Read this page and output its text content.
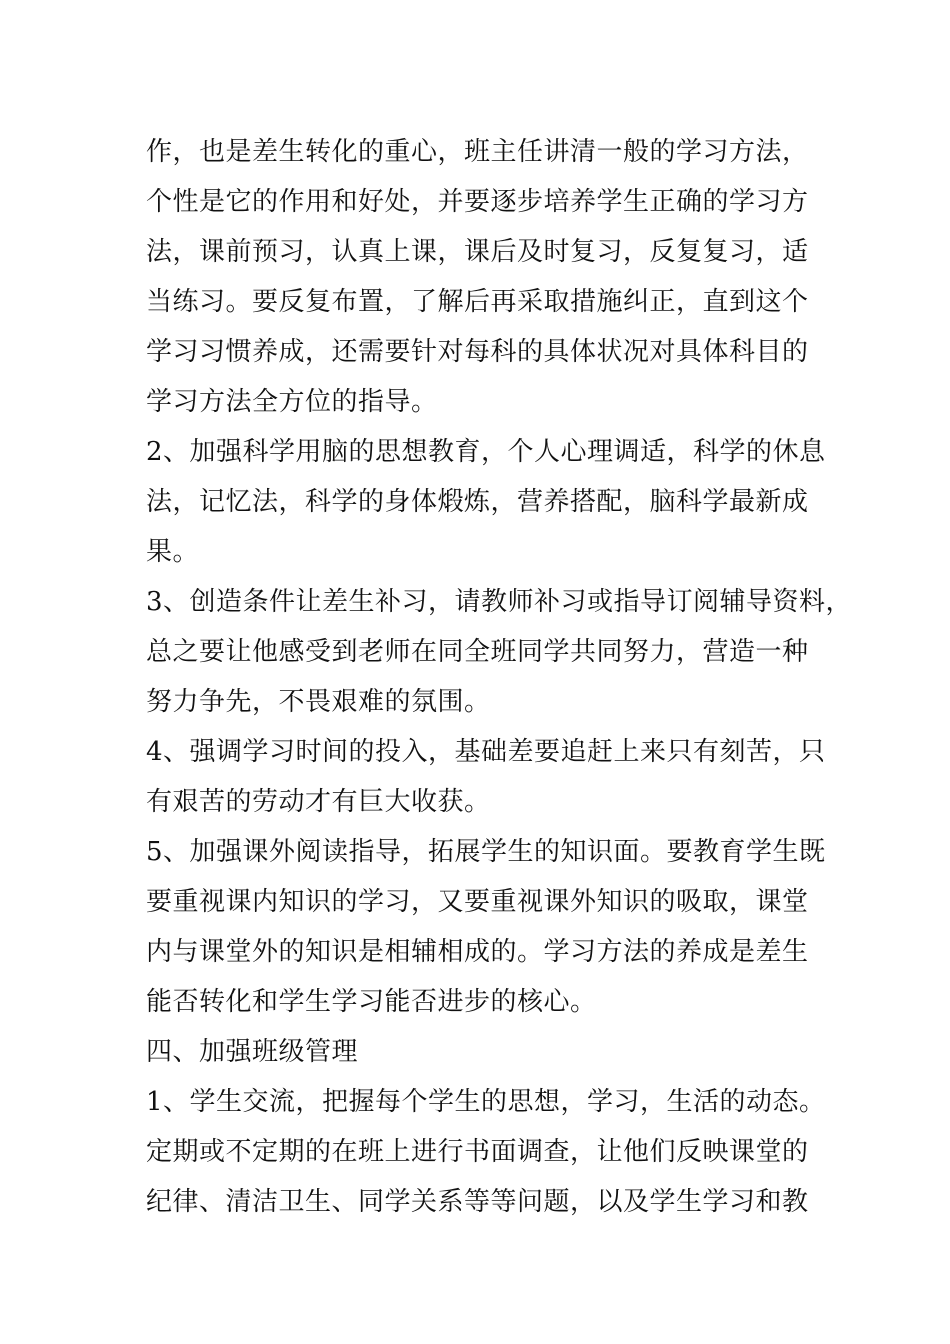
作，也是差生转化的重心，班主任讲清一般的学习方法，
个性是它的作用和好处，并要逐步培养学生正确的学习方
法，课前预习，认真上课，课后及时复习，反复复习，适
当练习。要反复布置，了解后再采取措施纠正，直到这个
学习习惯养成，还需要针对每科的具体状况对具体科目的
学习方法全方位的指导。
2、加强科学用脑的思想教育，个人心理调适，科学的休息
法，记忆法，科学的身体煅炼，营养搭配，脑科学最新成
果。
3、创造条件让差生补习，请教师补习或指导订阅辅导资料，
总之要让他感受到老师在同全班同学共同努力，营造一种
努力争先，不畏艰难的氛围。
4、强调学习时间的投入，基础差要追赶上来只有刻苦，只
有艰苦的劳动才有巨大收获。
5、加强课外阅读指导，拓展学生的知识面。要教育学生既
要重视课内知识的学习，又要重视课外知识的吸取，课堂
内与课堂外的知识是相辅相成的。学习方法的养成是差生
能否转化和学生学习能否进步的核心。
四、加强班级管理
1、学生交流，把握每个学生的思想，学习，生活的动态。
定期或不定期的在班上进行书面调查，让他们反映课堂的
纪律、清洁卫生、同学关系等等问题，以及学生学习和教
